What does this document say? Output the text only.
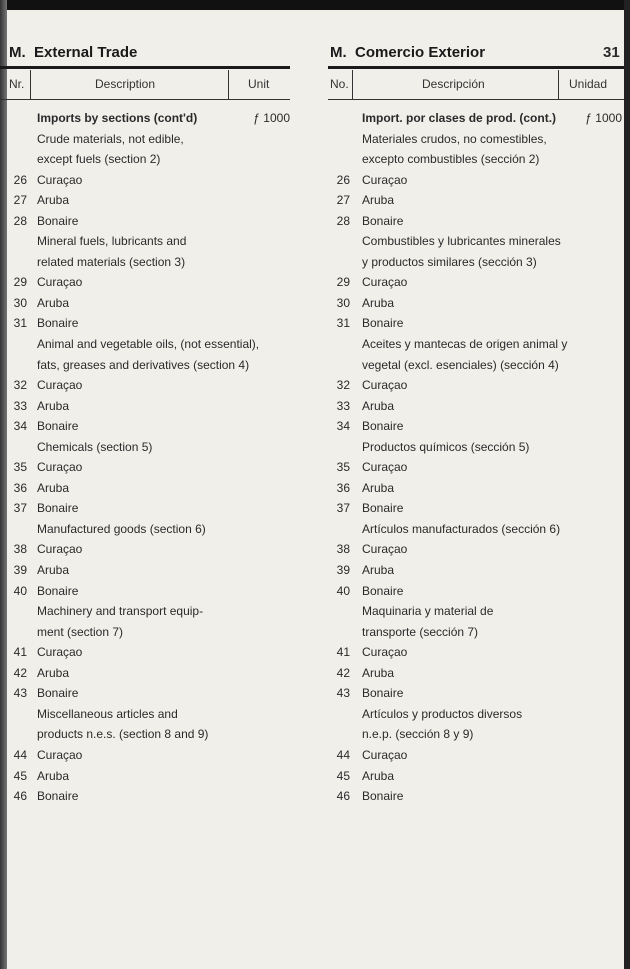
M. External Trade	M. Comercio Exterior	31
Nr.	Description	Unit	No.	Descripción	Unidad
Imports by sections (cont'd)	ƒ 1000
Crude materials, not edible,
except fuels (section 2)
26 Curaçao
27 Aruba
28 Bonaire
Mineral fuels, lubricants and
related materials (section 3)
29 Curaçao
30 Aruba
31 Bonaire
Animal and vegetable oils, (not essential),
fats, greases and derivatives (section 4)
32 Curaçao
33 Aruba
34 Bonaire
Chemicals (section 5)
35 Curaçao
36 Aruba
37 Bonaire
Manufactured goods (section 6)
38 Curaçao
39 Aruba
40 Bonaire
Machinery and transport equip-
ment (section 7)
41 Curaçao
42 Aruba
43 Bonaire
Miscellaneous articles and
products n.e.s. (section 8 and 9)
44 Curaçao
45 Aruba
46 Bonaire
Import. por clases de prod. (cont.) ƒ 1000
Materiales crudos, no comestibles,
excepto combustibles (sección 2)
26 Curaçao
27 Aruba
28 Bonaire
Combustibles y lubricantes minerales
y productos similares (sección 3)
29 Curaçao
30 Aruba
31 Bonaire
Aceites y mantecas de origen animal y
vegetal (excl. esenciales) (sección 4)
32 Curaçao
33 Aruba
34 Bonaire
Productos químicos (sección 5)
35 Curaçao
36 Aruba
37 Bonaire
Artículos manufacturados (sección 6)
38 Curaçao
39 Aruba
40 Bonaire
Maquinaria y material de
transporte (sección 7)
41 Curaçao
42 Aruba
43 Bonaire
Artículos y productos diversos
n.e.p. (sección 8 y 9)
44 Curaçao
45 Aruba
46 Bonaire
